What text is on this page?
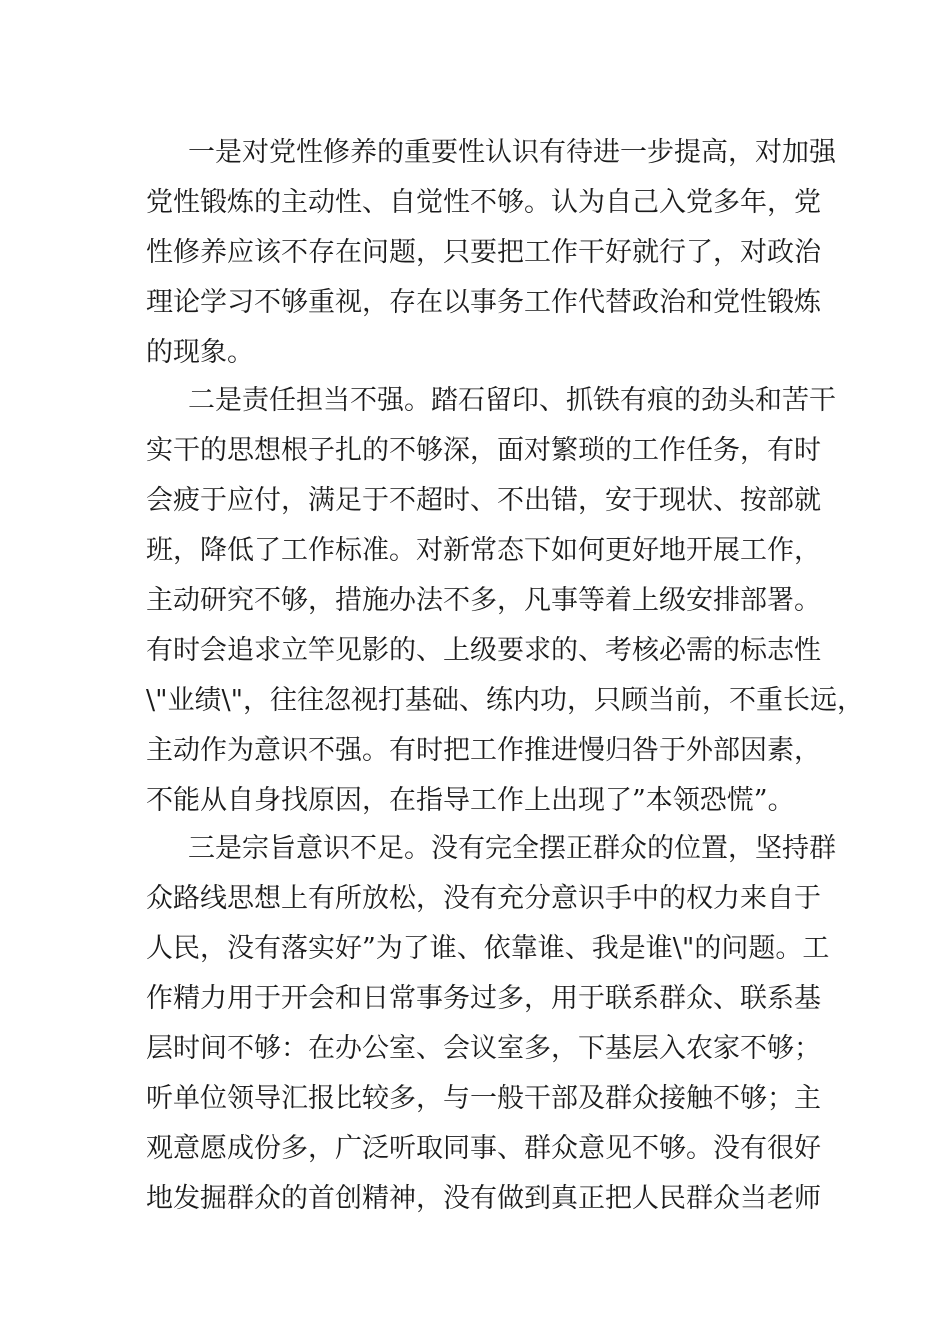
一是对党性修养的重要性认识有待进一步提高，对加强
党性锻炼的主动性、自觉性不够。认为自己入党多年，党
性修养应该不存在问题，只要把工作干好就行了，对政治
理论学习不够重视，存在以事务工作代替政治和党性锻炼
的现象。
二是责任担当不强。踏石留印、抓铁有痕的劲头和苦干
实干的思想根子扎的不够深，面对繁琐的工作任务，有时
会疲于应付，满足于不超时、不出错，安于现状、按部就
班，降低了工作标准。对新常态下如何更好地开展工作，
主动研究不够，措施办法不多，凡事等着上级安排部署。
有时会追求立竿见影的、上级要求的、考核必需的标志性
\"业绩\"，往往忽视打基础、练内功，只顾当前，不重长远，
主动作为意识不强。有时把工作推进慢归咎于外部因素，
不能从自身找原因，在指导工作上出现了”本领恐慌”。
三是宗旨意识不足。没有完全摆正群众的位置，坚持群
众路线思想上有所放松，没有充分意识手中的权力来自于
人民，没有落实好”为了谁、依靠谁、我是谁\"的问题。工
作精力用于开会和日常事务过多，用于联系群众、联系基
层时间不够：在办公室、会议室多，下基层入农家不够；
听单位领导汇报比较多，与一般干部及群众接触不够；主
观意愿成份多，广泛听取同事、群众意见不够。没有很好
地发掘群众的首创精神，没有做到真正把人民群众当老师
